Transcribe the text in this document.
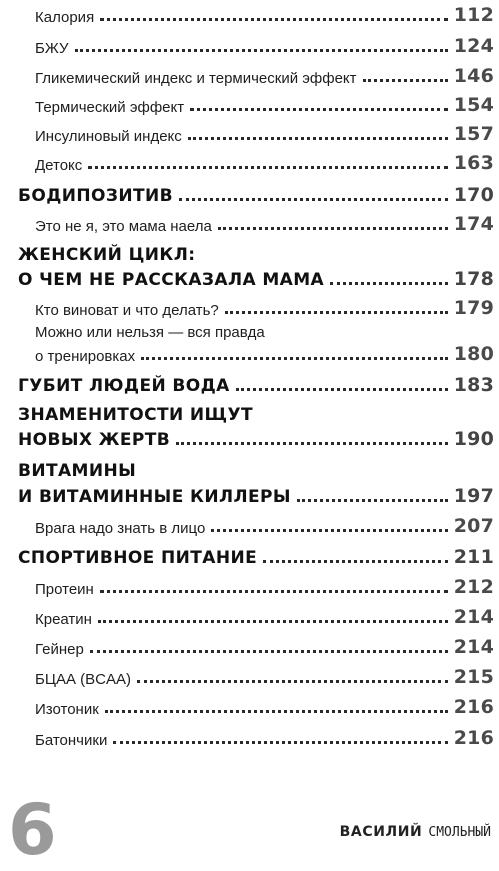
Калория	112
БЖУ	124
Гликемический индекс и термический эффект	146
Термический эффект	154
Инсулиновый индекс	157
Детокс	163
БОДИПОЗИТИВ	170
Это не я, это мама наела	174
ЖЕНСКИЙ ЦИКЛ:
О ЧЕМ НЕ РАССКАЗАЛА МАМА	178
Кто виноват и что делать?	179
Можно или нельзя — вся правда
о тренировках	180
ГУБИТ ЛЮДЕЙ ВОДА	183
ЗНАМЕНИТОСТИ ИЩУТ
НОВЫХ ЖЕРТВ	190
ВИТАМИНЫ
И ВИТАМИННЫЕ КИЛЛЕРЫ	197
Врага надо знать в лицо	207
СПОРТИВНОЕ ПИТАНИЕ	211
Протеин	212
Креатин	214
Гейнер	214
БЦАА (BCAA)	215
Изотоник	216
Батончики	216
6	ВАСИЛИЙ СМОЛЬНЫЙ
